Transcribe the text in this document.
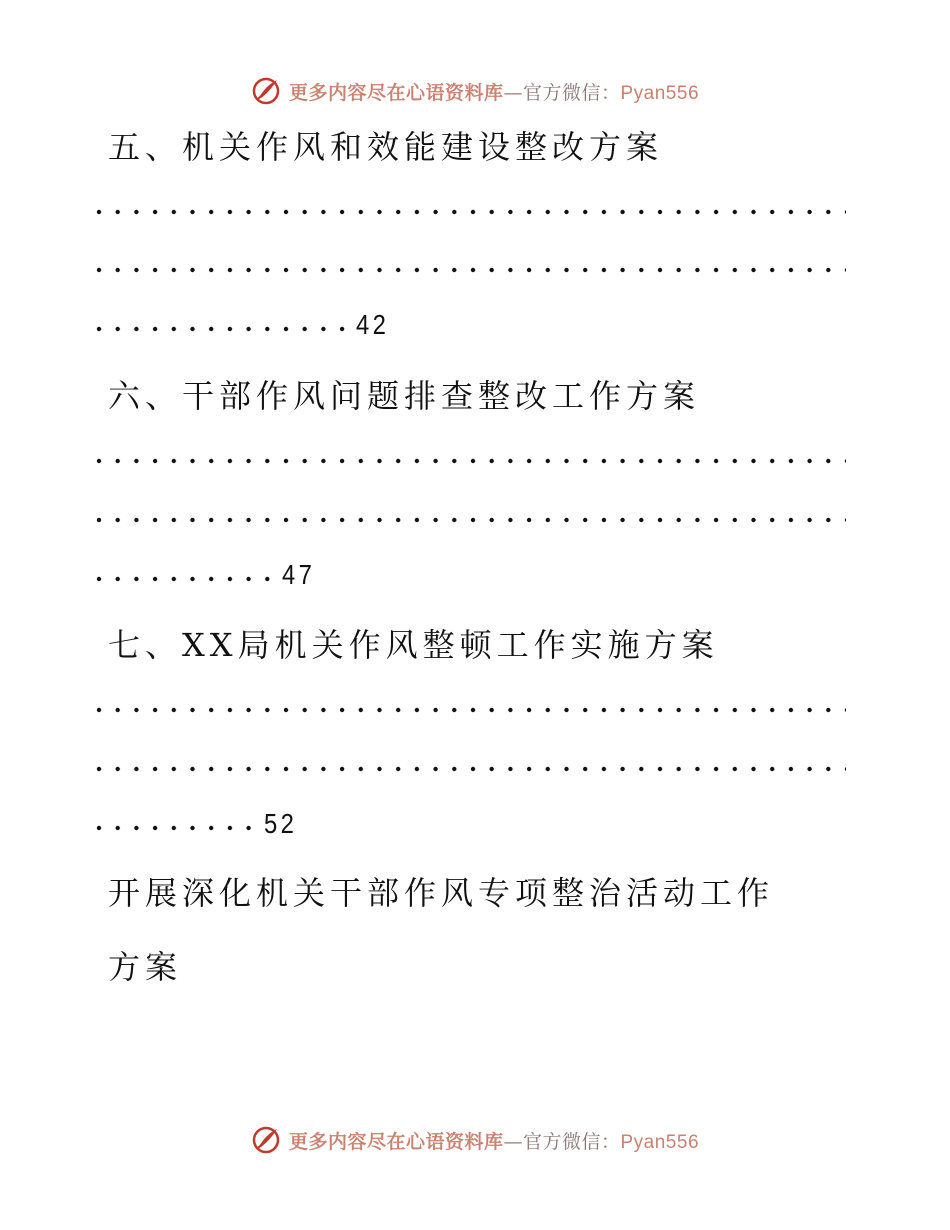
更多内容尽在心语资料库—官方微信：Pyan556
五、机关作风和效能建设整改方案
42
六、干部作风问题排查整改工作方案
47
七、XX局机关作风整顿工作实施方案
52
开展深化机关干部作风专项整治活动工作
方案
更多内容尽在心语资料库—官方微信：Pyan556
